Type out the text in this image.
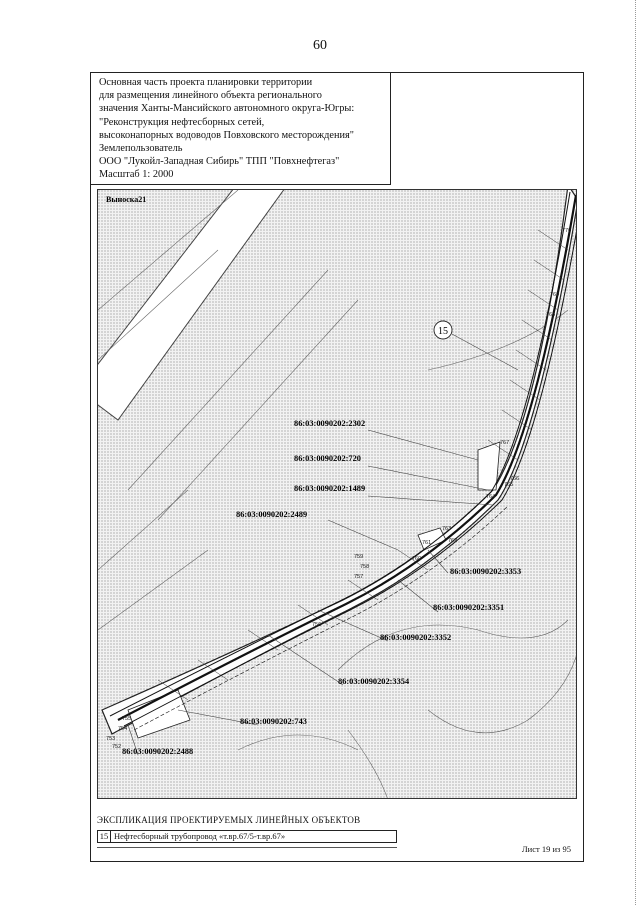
60
Основная часть проекта планировки территории
для размещения линейного объекта регионального
значения Ханты-Мансийского автономного округа-Югры:
"Реконструкция нефтесборных сетей,
высоконапорных водоводов Повховского месторождения"
Землепользователь
ООО "Лукойл-Западная Сибирь" ТПП "Повхнефтегаз"
Масштаб 1: 2000
15
Выноска21
86:03:0090202:2302
86:03:0090202:720
86:03:0090202:1489
86:03:0090202:2489
86:03:0090202:3353
86:03:0090202:3351
86:03:0090202:3352
86:03:0090202:3354
86:03:0090202:743
86:03:0090202:2488
770
769
768
767
766
765
764
763
762
761
760
759
758
757
756
755
754
753
752
ЭКСПЛИКАЦИЯ ПРОЕКТИРУЕМЫХ ЛИНЕЙНЫХ ОБЪЕКТОВ
15 Нефтесборный трубопровод «т.вр.67/5-т.вр.67»
Лист 19 из 95
